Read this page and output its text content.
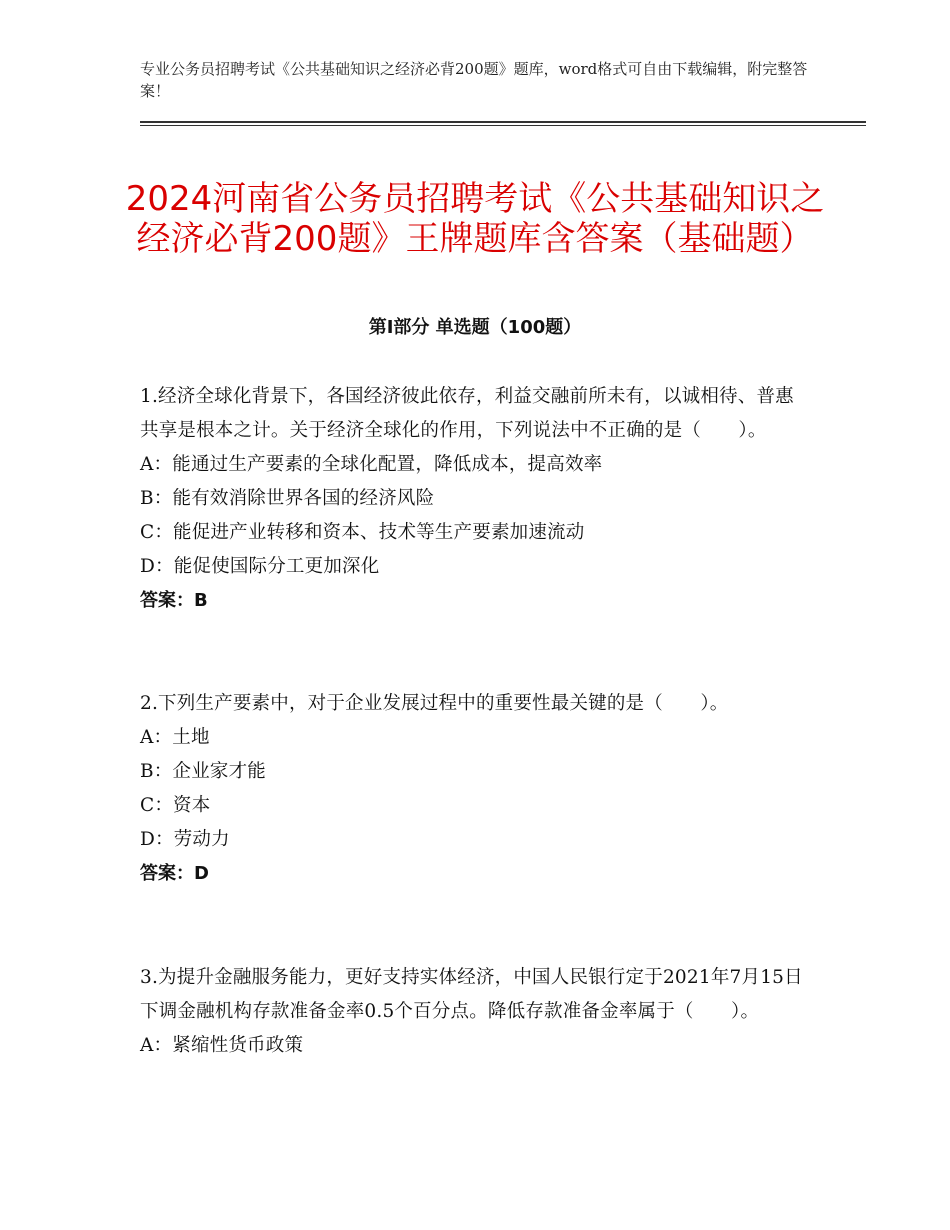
专业公务员招聘考试《公共基础知识之经济必背200题》题库，word格式可自由下载编辑，附完整答案！
2024河南省公务员招聘考试《公共基础知识之经济必背200题》王牌题库含答案（基础题）
第Ⅰ部分 单选题（100题）

1.经济全球化背景下，各国经济彼此依存，利益交融前所未有，以诚相待、普惠共享是根本之计。关于经济全球化的作用，下列说法中不正确的是（　　）。

A：能通过生产要素的全球化配置，降低成本，提高效率

B：能有效消除世界各国的经济风险

C：能促进产业转移和资本、技术等生产要素加速流动

D：能促使国际分工更加深化

答案：B

2.下列生产要素中，对于企业发展过程中的重要性最关键的是（　　）。

A：土地

B：企业家才能

C：资本

D：劳动力

答案：D

3.为提升金融服务能力，更好支持实体经济，中国人民银行定于2021年7月15日下调金融机构存款准备金率0.5个百分点。降低存款准备金率属于（　　）。

A：紧缩性货币政策
